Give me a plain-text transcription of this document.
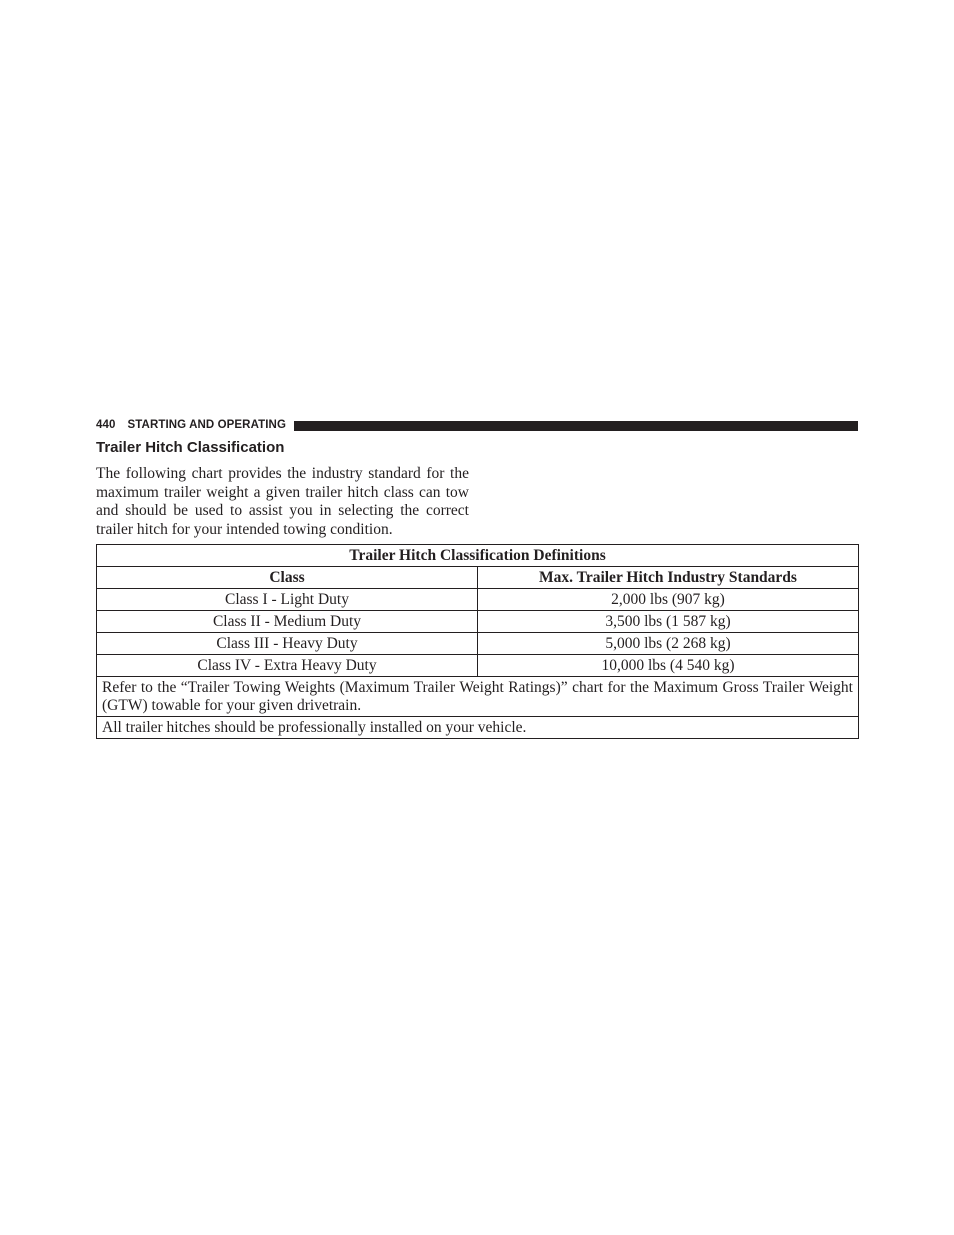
440 STARTING AND OPERATING
Trailer Hitch Classification

The following chart provides the industry standard for the maximum trailer weight a given trailer hitch class can tow and should be used to assist you in selecting the correct trailer hitch for your intended towing condition.

Trailer Hitch Classification Definitions	
Class	Max. Trailer Hitch Industry Standards
Class I - Light Duty	2,000 lbs (907 kg)
Class II - Medium Duty	3,500 lbs (1 587 kg)
Class III - Heavy Duty	5,000 lbs (2 268 kg)
Class IV - Extra Heavy Duty	10,000 lbs (4 540 kg)
Refer to the “Trailer Towing Weights (Maximum Trailer Weight Ratings)” chart for the Maximum Gross Trailer Weight (GTW) towable for your given drivetrain.	
All trailer hitches should be professionally installed on your vehicle.	
